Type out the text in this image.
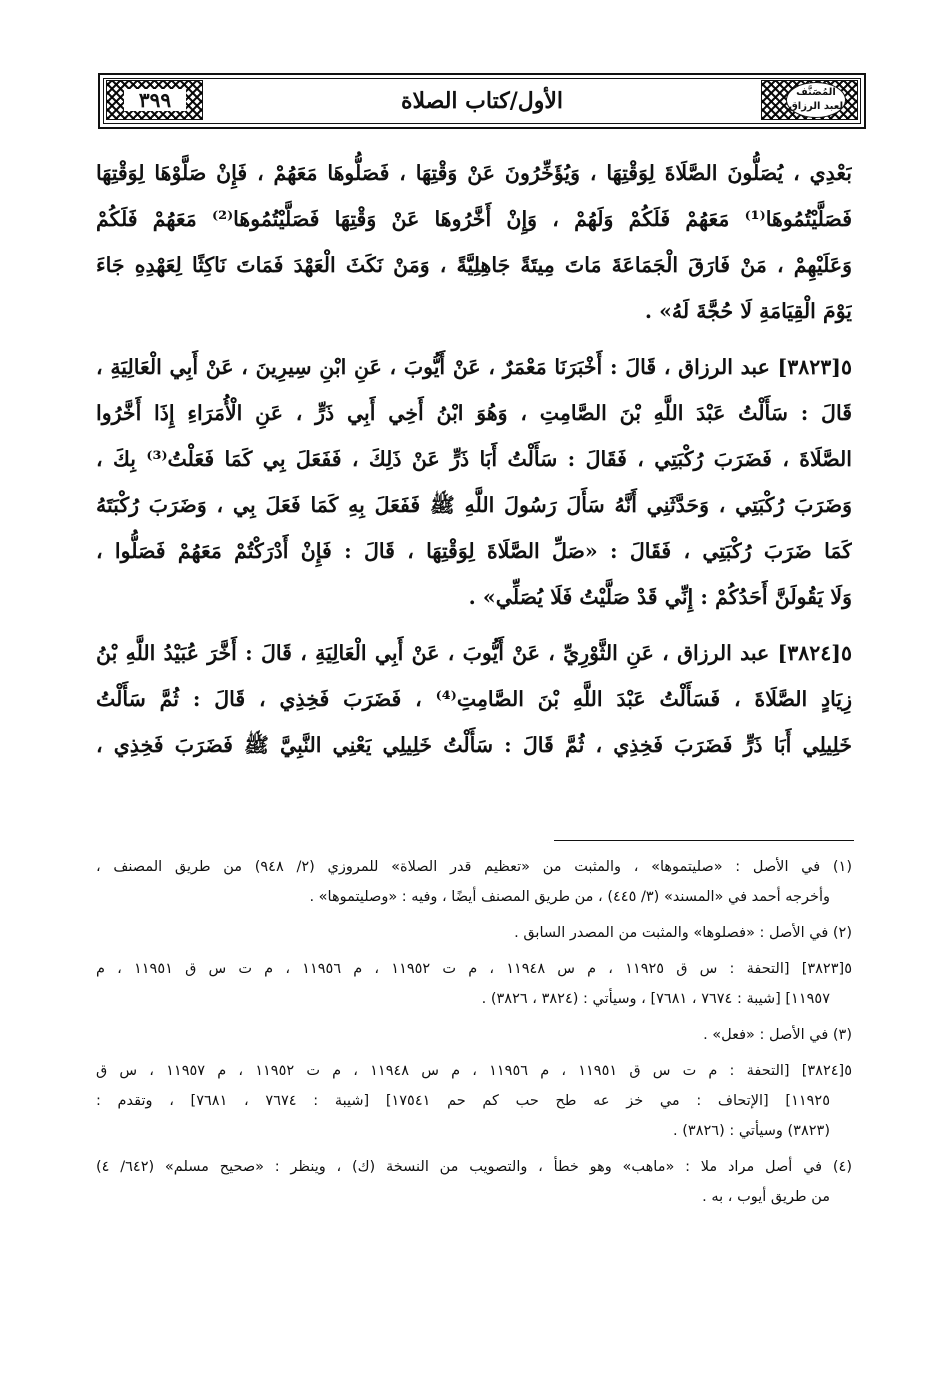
٣٩٩	المُصَنَّف لعبد الرزاق
الأول/كتاب الصلاة
بَعْدِي ، يُصَلُّونَ الصَّلَاةَ لِوَقْتِهَا ، وَيُؤَخِّرُونَ عَنْ وَقْتِهَا ، فَصَلُّوهَا مَعَهُمْ ، فَإِنْ صَلَّوْهَا لِوَقْتِهَا
فَصَلَّيْتُمُوهَا⁽¹⁾ مَعَهُمْ فَلَكُمْ وَلَهُمْ ، وَإِنْ أَخَّرُوهَا عَنْ وَقْتِهَا فَصَلَّيْتُمُوهَا⁽²⁾ مَعَهُمْ فَلَكُمْ
وَعَلَيْهِمْ ، مَنْ فَارَقَ الْجَمَاعَةَ مَاتَ مِيتَةً جَاهِلِيَّةً ، وَمَنْ نَكَثَ الْعَهْدَ فَمَاتَ نَاكِثًا لِعَهْدِهِ جَاءَ
يَوْمَ الْقِيَامَةِ لَا حُجَّةَ لَهُ» .
٥[٣٨٢٣] عبد الرزاق ، قَالَ : أَخْبَرَنَا مَعْمَرٌ ، عَنْ أَيُّوبَ ، عَنِ ابْنِ سِيرِينَ ، عَنْ أَبِي الْعَالِيَةِ ،
قَالَ : سَأَلْتُ عَبْدَ اللَّهِ بْنَ الصَّامِتِ ، وَهُوَ ابْنُ أَخِي أَبِي ذَرٍّ ، عَنِ الْأُمَرَاءِ إِذَا أَخَّرُوا
الصَّلَاةَ ، فَضَرَبَ رُكْبَتِي ، فَقَالَ : سَأَلْتُ أَبَا ذَرٍّ عَنْ ذَلِكَ ، فَفَعَلَ بِي كَمَا فَعَلْتُ⁽³⁾ بِكَ ،
وَضَرَبَ رُكْبَتِي ، وَحَدَّثَنِي أَنَّهُ سَأَلَ رَسُولَ اللَّهِ ﷺ فَفَعَلَ بِهِ كَمَا فَعَلَ بِي ، وَضَرَبَ رُكْبَتَهُ
كَمَا ضَرَبَ رُكْبَتِي ، فَقَالَ : «صَلِّ الصَّلَاةَ لِوَقْتِهَا ، قَالَ : فَإِنْ أَدْرَكْتُمْ مَعَهُمْ فَصَلُّوا ،
وَلَا يَقُولَنَّ أَحَدُكُمْ : إِنِّي قَدْ صَلَّيْتُ فَلَا يُصَلِّي» .
٥[٣٨٢٤] عبد الرزاق ، عَنِ الثَّوْرِيِّ ، عَنْ أَيُّوبَ ، عَنْ أَبِي الْعَالِيَةِ ، قَالَ : أَخَّرَ عُبَيْدُ اللَّهِ بْنُ
زِيَادٍ الصَّلَاةَ ، فَسَأَلْتُ عَبْدَ اللَّهِ بْنَ الصَّامِتِ⁽⁴⁾ ، فَضَرَبَ فَخِذِي ، قَالَ : ثُمَّ سَأَلْتُ
خَلِيلِي أَبَا ذَرٍّ فَضَرَبَ فَخِذِي ، ثُمَّ قَالَ : سَأَلْتُ خَلِيلِي يَعْنِي النَّبِيَّ ﷺ فَضَرَبَ فَخِذِي ،
(١) في الأصل : «صليتموها» ، والمثبت من «تعظيم قدر الصلاة» للمروزي (٢/ ٩٤٨) من طريق المصنف ،
وأخرجه أحمد في «المسند» (٣/ ٤٤٥) ، من طريق المصنف أيضًا ، وفيه : «وصليتموها» .
(٢) في الأصل : «فصلوها» والمثبت من المصدر السابق .
٥[٣٨٢٣] [التحفة : س ق ١١٩٢٥ ، م س ١١٩٤٨ ، م ت ١١٩٥٢ ، م ١١٩٥٦ ، م ت س ق ١١٩٥١ ، م
١١٩٥٧] [شيبة : ٧٦٧٤ ، ٧٦٨١] ، وسيأتي : (٣٨٢٤ ، ٣٨٢٦) .
(٣) في الأصل : «فعل» .
٥[٣٨٢٤] [التحفة : م ت س ق ١١٩٥١ ، م ١١٩٥٦ ، م س ١١٩٤٨ ، م ت ١١٩٥٢ ، م ١١٩٥٧ ، س ق
١١٩٢٥] [الإتحاف : مي خز عه طح حب كم حم ١٧٥٤١] [شيبة : ٧٦٧٤ ، ٧٦٨١] ، وتقدم :
(٣٨٢٣) وسيأتي : (٣٨٢٦) .
(٤) في أصل مراد ملا : «ماهب» وهو خطأ ، والتصويب من النسخة (ك) ، وينظر : «صحيح مسلم» (٦٤٢/ ٤)
من طريق أيوب ، به .
